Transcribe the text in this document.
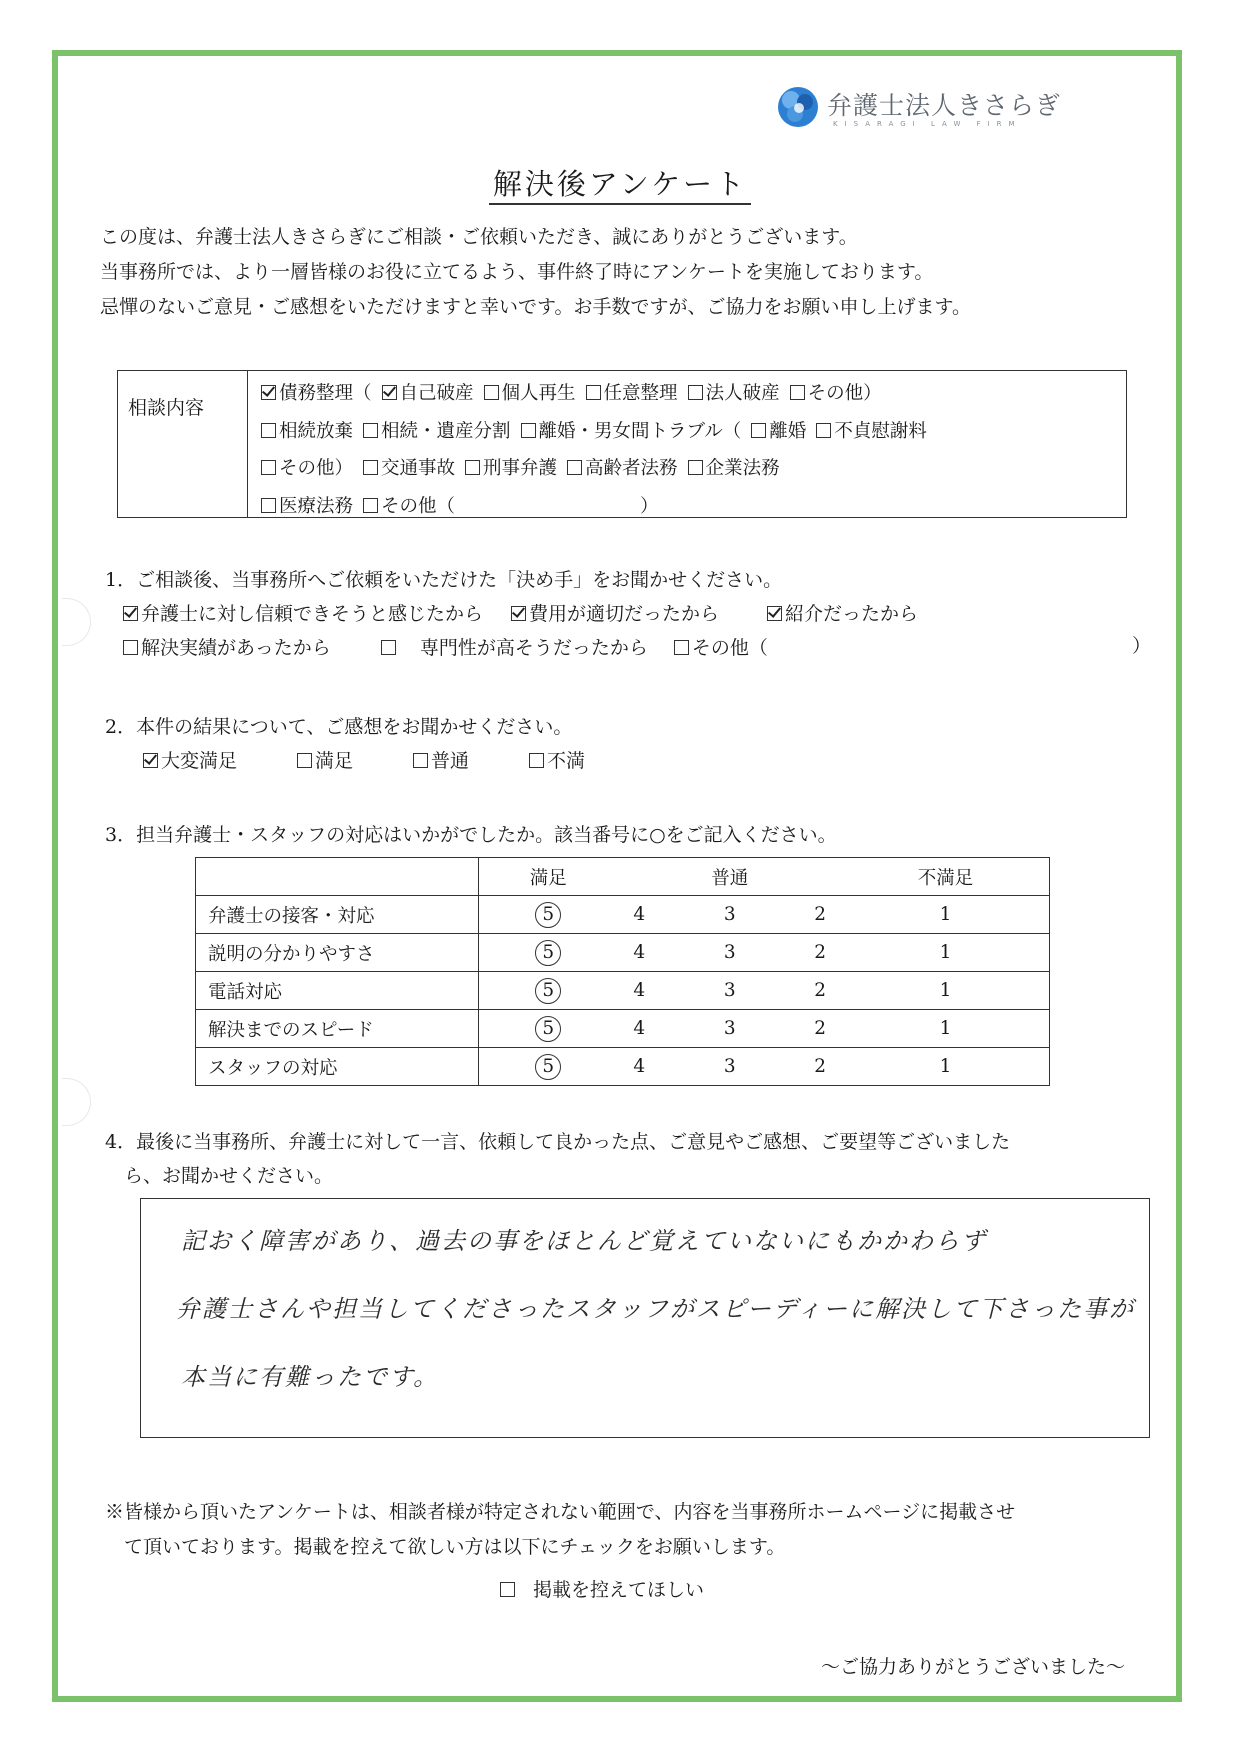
弁護士法人きさらぎ
KISARAGI LAW FIRM
解決後アンケート
この度は、弁護士法人きさらぎにご相談・ご依頼いただき、誠にありがとうございます。
当事務所では、より一層皆様のお役に立てるよう、事件終了時にアンケートを実施しております。
忌憚のないご意見・ご感想をいただけますと幸いです。お手数ですが、ご協力をお願い申し上げます。
相談内容
債務整理（ 自己破産 個人再生 任意整理 法人破産 その他）
相続放棄 相続・遺産分割 離婚・男女間トラブル（ 離婚 不貞慰謝料
その他） 交通事故 刑事弁護 高齢者法務 企業法務
医療法務 その他（　　　　　　　　　　）
1．ご相談後、当事務所へご依頼をいただけた「決め手」をお聞かせください。
弁護士に対し信頼できそうと感じたから 費用が適切だったから	紹介だったから
解決実績があったから	専門性が高そうだったから その他（	）
2．本件の結果について、ご感想をお聞かせください。
大変満足	満足	普通	不満
3．担当弁護士・スタッフの対応はいかがでしたか。該当番号に○をご記入ください。
	満足		普通		不満足
弁護士の接客・対応	5	4	3	2	1
説明の分かりやすさ	5	4	3	2	1
電話対応	5	4	3	2	1
解決までのスピード	5	4	3	2	1
スタッフの対応	5	4	3	2	1
4．最後に当事務所、弁護士に対して一言、依頼して良かった点、ご意見やご感想、ご要望等ございました
　ら、お聞かせください。
記おく障害があり、過去の事をほとんど覚えていないにもかかわらず
弁護士さんや担当してくださったスタッフがスピーディーに解決して下さった事が
本当に有難ったです。
※皆様から頂いたアンケートは、相談者様が特定されない範囲で、内容を当事務所ホームページに掲載させ
　て頂いております。掲載を控えて欲しい方は以下にチェックをお願いします。
掲載を控えてほしい
～ご協力ありがとうございました～
